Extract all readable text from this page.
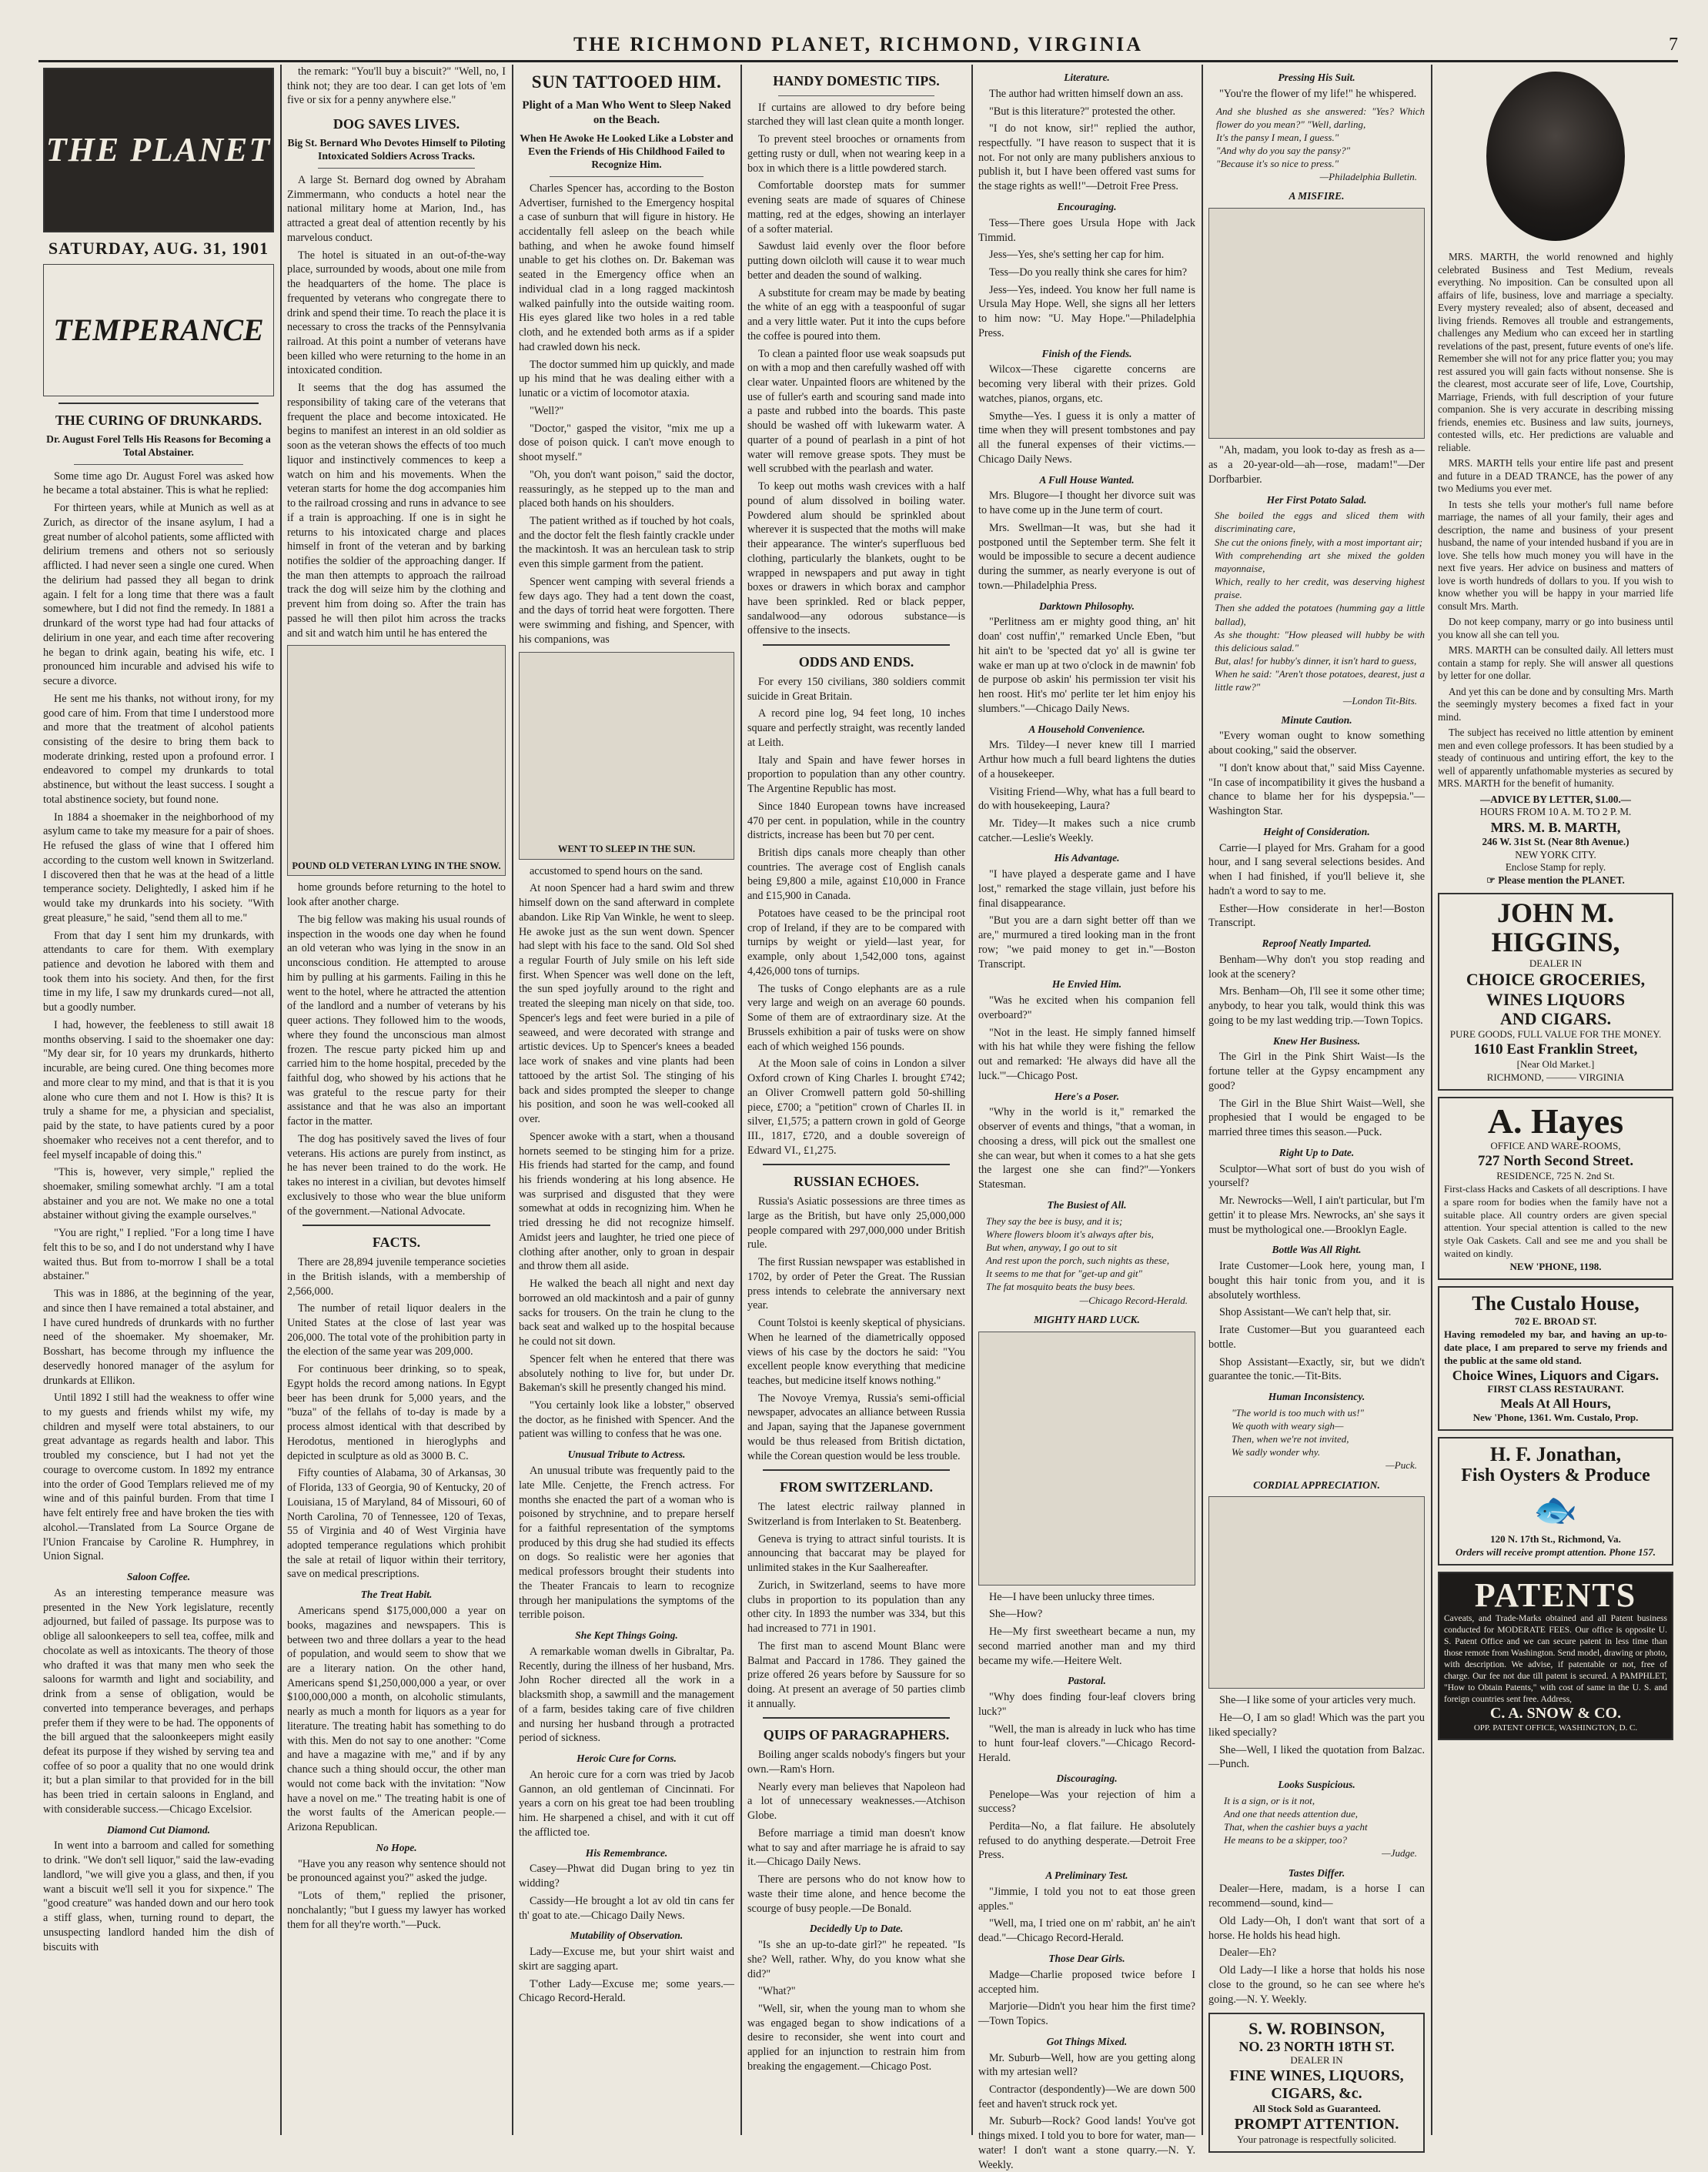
THE RICHMOND PLANET, RICHMOND, VIRGINIA	7
THE PLANET
SATURDAY, AUG. 31, 1901
TEMPERANCE
THE CURING OF DRUNKARDS.
Dr. August Forel Tells His Reasons for Becoming a Total Abstainer.

Some time ago Dr. August Forel was asked how he became a total abstainer. This is what he replied:

For thirteen years, while at Munich as well as at Zurich, as director of the insane asylum, I had a great number of alcohol patients, some afflicted with delirium tremens and others not so seriously afflicted. I had never seen a single one cured. When the delirium had passed they all began to drink again. I felt for a long time that there was a fault somewhere, but I did not find the remedy. In 1881 a drunkard of the worst type had had four attacks of delirium in one year, and each time after recovering he began to drink again, beating his wife, etc. I pronounced him incurable and advised his wife to secure a divorce.

He sent me his thanks, not without irony, for my good care of him. From that time I understood more and more that the treatment of alcohol patients consisting of the desire to bring them back to moderate drinking, rested upon a profound error. I endeavored to compel my drunkards to total abstinence, but without the least success. I sought a total abstinence society, but found none.

In 1884 a shoemaker in the neighborhood of my asylum came to take my measure for a pair of shoes. He refused the glass of wine that I offered him according to the custom well known in Switzerland. I discovered then that he was at the head of a little temperance society. Delightedly, I asked him if he would take my drunkards into his society. "With great pleasure," he said, "send them all to me."

From that day I sent him my drunkards, with attendants to care for them. With exemplary patience and devotion he labored with them and took them into his society. And then, for the first time in my life, I saw my drunkards cured—not all, but a goodly number.

I had, however, the feebleness to still await 18 months observing. I said to the shoemaker one day: "My dear sir, for 10 years my drunkards, hitherto incurable, are being cured. One thing becomes more and more clear to my mind, and that is that it is you alone who cure them and not I. How is this? It is truly a shame for me, a physician and specialist, paid by the state, to have patients cured by a poor shoemaker who receives not a cent therefor, and to feel myself incapable of doing this."

"This is, however, very simple," replied the shoemaker, smiling somewhat archly. "I am a total abstainer and you are not. We make no one a total abstainer without giving the example ourselves."

"You are right," I replied. "For a long time I have felt this to be so, and I do not understand why I have waited thus. But from to-morrow I shall be a total abstainer."

This was in 1886, at the beginning of the year, and since then I have remained a total abstainer, and I have cured hundreds of drunkards with no further need of the shoemaker. My shoemaker, Mr. Bosshart, has become through my influence the deservedly honored manager of the asylum for drunkards at Ellikon.

Until 1892 I still had the weakness to offer wine to my guests and friends whilst my wife, my children and myself were total abstainers, to our great advantage as regards health and labor. This troubled my conscience, but I had not yet the courage to overcome custom. In 1892 my entrance into the order of Good Templars relieved me of my wine and of this painful burden. From that time I have felt entirely free and have broken the ties with alcohol.—Translated from La Source Organe de l'Union Francaise by Caroline R. Humphrey, in Union Signal.

Saloon Coffee.

As an interesting temperance measure was presented in the New York legislature, recently adjourned, but failed of passage. Its purpose was to oblige all saloonkeepers to sell tea, coffee, milk and chocolate as well as intoxicants. The theory of those who drafted it was that many men who seek the saloons for warmth and light and sociability, and drink from a sense of obligation, would be converted into temperance beverages, and perhaps prefer them if they were to be had. The opponents of the bill argued that the saloonkeepers might easily defeat its purpose if they wished by serving tea and coffee of so poor a quality that no one would drink it; but a plan similar to that provided for in the bill has been tried in certain saloons in England, and with considerable success.—Chicago Excelsior.

Diamond Cut Diamond.

In went into a barroom and called for something to drink. "We don't sell liquor," said the law-evading landlord, "we will give you a glass, and then, if you want a biscuit we'll sell it you for sixpence." The "good creature" was handed down and our hero took a stiff glass, when, turning round to depart, the unsuspecting landlord handed him the dish of biscuits with

the remark: "You'll buy a biscuit?" "Well, no, I think not; they are too dear. I can get lots of 'em five or six for a penny anywhere else."

DOG SAVES LIVES.
Big St. Bernard Who Devotes Himself to Piloting Intoxicated Soldiers Across Tracks.

A large St. Bernard dog owned by Abraham Zimmermann, who conducts a hotel near the national military home at Marion, Ind., has attracted a great deal of attention recently by his marvelous conduct.

The hotel is situated in an out-of-the-way place, surrounded by woods, about one mile from the headquarters of the home. The place is frequented by veterans who congregate there to drink and spend their time. To reach the place it is necessary to cross the tracks of the Pennsylvania railroad. At this point a number of veterans have been killed who were returning to the home in an intoxicated condition.

It seems that the dog has assumed the responsibility of taking care of the veterans that frequent the place and become intoxicated. He begins to manifest an interest in an old soldier as soon as the veteran shows the effects of too much liquor and instinctively commences to keep a watch on him and his movements. When the veteran starts for home the dog accompanies him to the railroad crossing and runs in advance to see if a train is approaching. If one is in sight he returns to his intoxicated charge and places himself in front of the veteran and by barking notifies the soldier of the approaching danger. If the man then attempts to approach the railroad track the dog will seize him by the clothing and prevent him from doing so. After the train has passed he will then pilot him across the tracks and sit and watch him until he has entered the

POUND OLD VETERAN LYING IN THE SNOW.

home grounds before returning to the hotel to look after another charge.

The big fellow was making his usual rounds of inspection in the woods one day when he found an old veteran who was lying in the snow in an unconscious condition. He attempted to arouse him by pulling at his garments. Failing in this he went to the hotel, where he attracted the attention of the landlord and a number of veterans by his queer actions. They followed him to the woods, where they found the unconscious man almost frozen. The rescue party picked him up and carried him to the home hospital, preceded by the faithful dog, who showed by his actions that he was grateful to the rescue party for their assistance and that he was also an important factor in the matter.

The dog has positively saved the lives of four veterans. His actions are purely from instinct, as he has never been trained to do the work. He takes no interest in a civilian, but devotes himself exclusively to those who wear the blue uniform of the government.—National Advocate.

FACTS.

There are 28,894 juvenile temperance societies in the British islands, with a membership of 2,566,000.

The number of retail liquor dealers in the United States at the close of last year was 206,000. The total vote of the prohibition party in the election of the same year was 209,000.

For continuous beer drinking, so to speak, Egypt holds the record among nations. In Egypt beer has been drunk for 5,000 years, and the "buza" of the fellahs of to-day is made by a process almost identical with that described by Herodotus, mentioned in hieroglyphs and depicted in sculpture as old as 3000 B. C.

Fifty counties of Alabama, 30 of Arkansas, 30 of Florida, 133 of Georgia, 90 of Kentucky, 20 of Louisiana, 15 of Maryland, 84 of Missouri, 60 of North Carolina, 70 of Tennessee, 120 of Texas, 55 of Virginia and 40 of West Virginia have adopted temperance regulations which prohibit the sale at retail of liquor within their territory, save on medical prescriptions.

The Treat Habit.

Americans spend $175,000,000 a year on books, magazines and newspapers. This is between two and three dollars a year to the head of population, and would seem to show that we are a literary nation. On the other hand, Americans spend $1,250,000,000 a year, or over $100,000,000 a month, on alcoholic stimulants, nearly as much a month for liquors as a year for literature. The treating habit has something to do with this. Men do not say to one another: "Come and have a magazine with me," and if by any chance such a thing should occur, the other man would not come back with the invitation: "Now have a novel on me." The treating habit is one of the worst faults of the American people.—Arizona Republican.

No Hope.

"Have you any reason why sentence should not be pronounced against you?" asked the judge.

"Lots of them," replied the prisoner, nonchalantly; "but I guess my lawyer has worked them for all they're worth."—Puck.

SUN TATTOOED HIM.
Plight of a Man Who Went to Sleep Naked on the Beach.
When He Awoke He Looked Like a Lobster and Even the Friends of His Childhood Failed to Recognize Him.

Charles Spencer has, according to the Boston Advertiser, furnished to the Emergency hospital a case of sunburn that will figure in history. He accidentally fell asleep on the beach while bathing, and when he awoke found himself unable to get his clothes on. Dr. Bakeman was seated in the Emergency office when an individual clad in a long ragged mackintosh walked painfully into the outside waiting room. His eyes glared like two holes in a red table cloth, and he extended both arms as if a spider had crawled down his neck.

The doctor summed him up quickly, and made up his mind that he was dealing either with a lunatic or a victim of locomotor ataxia.

"Well?"

"Doctor," gasped the visitor, "mix me up a dose of poison quick. I can't move enough to shoot myself."

"Oh, you don't want poison," said the doctor, reassuringly, as he stepped up to the man and placed both hands on his shoulders.

The patient writhed as if touched by hot coals, and the doctor felt the flesh faintly crackle under the mackintosh. It was an herculean task to strip even this simple garment from the patient.

Spencer went camping with several friends a few days ago. They had a tent down the coast, and the days of torrid heat were forgotten. There were swimming and fishing, and Spencer, with his companions, was

WENT TO SLEEP IN THE SUN.

accustomed to spend hours on the sand.

At noon Spencer had a hard swim and threw himself down on the sand afterward in complete abandon. Like Rip Van Winkle, he went to sleep. He awoke just as the sun went down. Spencer had slept with his face to the sand. Old Sol shed a regular Fourth of July smile on his left side first. When Spencer was well done on the left, the sun sped joyfully around to the right and treated the sleeping man nicely on that side, too. Spencer's legs and feet were buried in a pile of seaweed, and were decorated with strange and artistic devices. Up to Spencer's knees a beaded lace work of snakes and vine plants had been tattooed by the artist Sol. The stinging of his back and sides prompted the sleeper to change his position, and soon he was well-cooked all over.

Spencer awoke with a start, when a thousand hornets seemed to be stinging him for a prize. His friends had started for the camp, and found his friends wondering at his long absence. He was surprised and disgusted that they were somewhat at odds in recognizing him. When he tried dressing he did not recognize himself. Amidst jeers and laughter, he tried one piece of clothing after another, only to groan in despair and throw them all aside.

He walked the beach all night and next day borrowed an old mackintosh and a pair of gunny sacks for trousers. On the train he clung to the back seat and walked up to the hospital because he could not sit down.

Spencer felt when he entered that there was absolutely nothing to live for, but under Dr. Bakeman's skill he presently changed his mind.

"You certainly look like a lobster," observed the doctor, as he finished with Spencer. And the patient was willing to confess that he was one.

Unusual Tribute to Actress.

An unusual tribute was frequently paid to the late Mlle. Cenjette, the French actress. For months she enacted the part of a woman who is poisoned by strychnine, and to prepare herself for a faithful representation of the symptoms produced by this drug she had studied its effects on dogs. So realistic were her agonies that medical professors brought their students into the Theater Francais to learn to recognize through her manipulations the symptoms of the terrible poison.

She Kept Things Going.

A remarkable woman dwells in Gibraltar, Pa. Recently, during the illness of her husband, Mrs. John Rocher directed all the work in a blacksmith shop, a sawmill and the management of a farm, besides taking care of five children and nursing her husband through a protracted period of sickness.

Heroic Cure for Corns.

An heroic cure for a corn was tried by Jacob Gannon, an old gentleman of Cincinnati. For years a corn on his great toe had been troubling him. He sharpened a chisel, and with it cut off the afflicted toe.

His Remembrance.

Casey—Phwat did Dugan bring to yez tin widding?

Cassidy—He brought a lot av old tin cans fer th' goat to ate.—Chicago Daily News.

Mutability of Observation.

Lady—Excuse me, but your shirt waist and skirt are sagging apart.

T'other Lady—Excuse me; some years.—Chicago Record-Herald.

HANDY DOMESTIC TIPS.

If curtains are allowed to dry before being starched they will last clean quite a month longer.

To prevent steel brooches or ornaments from getting rusty or dull, when not wearing keep in a box in which there is a little powdered starch.

Comfortable doorstep mats for summer evening seats are made of squares of Chinese matting, red at the edges, showing an interlayer of a softer material.

Sawdust laid evenly over the floor before putting down oilcloth will cause it to wear much better and deaden the sound of walking.

A substitute for cream may be made by beating the white of an egg with a teaspoonful of sugar and a very little water. Put it into the cups before the coffee is poured into them.

To clean a painted floor use weak soapsuds put on with a mop and then carefully washed off with clear water. Unpainted floors are whitened by the use of fuller's earth and scouring sand made into a paste and rubbed into the boards. This paste should be washed off with lukewarm water. A quarter of a pound of pearlash in a pint of hot water will remove grease spots. They must be well scrubbed with the pearlash and water.

To keep out moths wash crevices with a half pound of alum dissolved in boiling water. Powdered alum should be sprinkled about wherever it is suspected that the moths will make their appearance. The winter's superfluous bed clothing, particularly the blankets, ought to be wrapped in newspapers and put away in tight boxes or drawers in which borax and camphor have been sprinkled. Red or black pepper, sandalwood—any odorous substance—is offensive to the insects.

ODDS AND ENDS.

For every 150 civilians, 380 soldiers commit suicide in Great Britain.

A record pine log, 94 feet long, 10 inches square and perfectly straight, was recently landed at Leith.

Italy and Spain and have fewer horses in proportion to population than any other country. The Argentine Republic has most.

Since 1840 European towns have increased 470 per cent. in population, while in the country districts, increase has been but 70 per cent.

British dips canals more cheaply than other countries. The average cost of English canals being £9,800 a mile, against £10,000 in France and £15,900 in Canada.

Potatoes have ceased to be the principal root crop of Ireland, if they are to be compared with turnips by weight or yield—last year, for example, only about 1,542,000 tons, against 4,426,000 tons of turnips.

The tusks of Congo elephants are as a rule very large and weigh on an average 60 pounds. Some of them are of extraordinary size. At the Brussels exhibition a pair of tusks were on show each of which weighed 156 pounds.

At the Moon sale of coins in London a silver Oxford crown of King Charles I. brought £742; an Oliver Cromwell pattern gold 50-shilling piece, £700; a "petition" crown of Charles II. in silver, £1,575; a pattern crown in gold of George III., 1817, £720, and a double sovereign of Edward VI., £1,275.

RUSSIAN ECHOES.

Russia's Asiatic possessions are three times as large as the British, but have only 25,000,000 people compared with 297,000,000 under British rule.

The first Russian newspaper was established in 1702, by order of Peter the Great. The Russian press intends to celebrate the anniversary next year.

Count Tolstoi is keenly skeptical of physicians. When he learned of the diametrically opposed views of his case by the doctors he said: "You excellent people know everything that medicine teaches, but medicine itself knows nothing."

The Novoye Vremya, Russia's semi-official newspaper, advocates an alliance between Russia and Japan, saying that the Japanese government would be thus released from British dictation, while the Corean question would be less trouble.

FROM SWITZERLAND.

The latest electric railway planned in Switzerland is from Interlaken to St. Beatenberg.

Geneva is trying to attract sinful tourists. It is announcing that baccarat may be played for unlimited stakes in the Kur Saalhereafter.

Zurich, in Switzerland, seems to have more clubs in proportion to its population than any other city. In 1893 the number was 334, but this had increased to 771 in 1901.

The first man to ascend Mount Blanc were Balmat and Paccard in 1786. They gained the prize offered 26 years before by Saussure for so doing. At present an average of 50 parties climb it annually.

QUIPS OF PARAGRAPHERS.

Boiling anger scalds nobody's fingers but your own.—Ram's Horn.

Nearly every man believes that Napoleon had a lot of unnecessary weaknesses.—Atchison Globe.

Before marriage a timid man doesn't know what to say and after marriage he is afraid to say it.—Chicago Daily News.

There are persons who do not know how to waste their time alone, and hence become the scourge of busy people.—De Bonald.

Decidedly Up to Date.

"Is she an up-to-date girl?" he repeated. "Is she? Well, rather. Why, do you know what she did?"

"What?"

"Well, sir, when the young man to whom she was engaged began to show indications of a desire to reconsider, she went into court and applied for an injunction to restrain him from breaking the engagement.—Chicago Post.

Literature.

The author had written himself down an ass.

"But is this literature?" protested the other.

"I do not know, sir!" replied the author, respectfully. "I have reason to suspect that it is not. For not only are many publishers anxious to publish it, but I have been offered vast sums for the stage rights as well!"—Detroit Free Press.

Encouraging.

Tess—There goes Ursula Hope with Jack Timmid.

Jess—Yes, she's setting her cap for him.

Tess—Do you really think she cares for him?

Jess—Yes, indeed. You know her full name is Ursula May Hope. Well, she signs all her letters to him now: "U. May Hope."—Philadelphia Press.

Finish of the Fiends.

Wilcox—These cigarette concerns are becoming very liberal with their prizes. Gold watches, pianos, organs, etc.

Smythe—Yes. I guess it is only a matter of time when they will present tombstones and pay all the funeral expenses of their victims.—Chicago Daily News.

A Full House Wanted.

Mrs. Blugore—I thought her divorce suit was to have come up in the June term of court.

Mrs. Swellman—It was, but she had it postponed until the September term. She felt it would be impossible to secure a decent audience during the summer, as nearly everyone is out of town.—Philadelphia Press.

Darktown Philosophy.

"Perlitness am er mighty good thing, an' hit doan' cost nuffin'," remarked Uncle Eben, "but hit ain't to be 'spected dat yo' all is gwine ter wake er man up at two o'clock in de mawnin' fob de purpose ob askin' his permission ter visit his hen roost. Hit's mo' perlite ter let him enjoy his slumbers."—Chicago Daily News.

A Household Convenience.

Mrs. Tildey—I never knew till I married Arthur how much a full beard lightens the duties of a housekeeper.

Visiting Friend—Why, what has a full beard to do with housekeeping, Laura?

Mr. Tidey—It makes such a nice crumb catcher.—Leslie's Weekly.

His Advantage.

"I have played a desperate game and I have lost," remarked the stage villain, just before his final disappearance.

"But you are a darn sight better off than we are," murmured a tired looking man in the front row; "we paid money to get in."—Boston Transcript.

He Envied Him.

"Was he excited when his companion fell overboard?"

"Not in the least. He simply fanned himself with his hat while they were fishing the fellow out and remarked: 'He always did have all the luck.'"—Chicago Post.

Here's a Poser.

"Why in the world is it," remarked the observer of events and things, "that a woman, in choosing a dress, will pick out the smallest one she can wear, but when it comes to a hat she gets the largest one she can find?"—Yonkers Statesman.

The Busiest of All.
They say the bee is busy, and it is;
Where flowers bloom it's always after bis,
But when, anyway, I go out to sit
And rest upon the porch, such nights as these,
It seems to me that for "get-up and git"
The fat mosquito beats the busy bees.
—Chicago Record-Herald.
MIGHTY HARD LUCK.

He—I have been unlucky three times.

She—How?

He—My first sweetheart became a nun, my second married another man and my third became my wife.—Heitere Welt.

Pastoral.

"Why does finding four-leaf clovers bring luck?"

"Well, the man is already in luck who has time to hunt four-leaf clovers."—Chicago Record-Herald.

Discouraging.

Penelope—Was your rejection of him a success?

Perdita—No, a flat failure. He absolutely refused to do anything desperate.—Detroit Free Press.

A Preliminary Test.

"Jimmie, I told you not to eat those green apples."

"Well, ma, I tried one on m' rabbit, an' he ain't dead."—Chicago Record-Herald.

Those Dear Girls.

Madge—Charlie proposed twice before I accepted him.

Marjorie—Didn't you hear him the first time?—Town Topics.

Got Things Mixed.

Mr. Suburb—Well, how are you getting along with my artesian well?

Contractor (despondently)—We are down 500 feet and haven't struck rock yet.

Mr. Suburb—Rock? Good lands! You've got things mixed. I told you to bore for water, man—water! I don't want a stone quarry.—N. Y. Weekly.

Pressing His Suit.

"You're the flower of my life!" he whispered.

And she blushed as she answered: "Yes? Which flower do you mean?" "Well, darling,
It's the pansy I mean, I guess."
"And why do you say the pansy?"
"Because it's so nice to press."
—Philadelphia Bulletin.
A MISFIRE.

"Ah, madam, you look to-day as fresh as a—as a 20-year-old—ah—rose, madam!"—Der Dorfbarbier.

Her First Potato Salad.
She boiled the eggs and sliced them with discriminating care,
She cut the onions finely, with a most important air;
With comprehending art she mixed the golden mayonnaise,
Which, really to her credit, was deserving highest praise.
Then she added the potatoes (humming gay a little ballad),
As she thought: "How pleased will hubby be with this delicious salad."
But, alas! for hubby's dinner, it isn't hard to guess,
When he said: "Aren't those potatoes, dearest, just a little raw?"
—London Tit-Bits.
Minute Caution.

"Every woman ought to know something about cooking," said the observer.

"I don't know about that," said Miss Cayenne. "In case of incompatibility it gives the husband a chance to blame her for his dyspepsia."—Washington Star.

Height of Consideration.

Carrie—I played for Mrs. Graham for a good hour, and I sang several selections besides. And when I had finished, if you'll believe it, she hadn't a word to say to me.

Esther—How considerate in her!—Boston Transcript.

Reproof Neatly Imparted.

Benham—Why don't you stop reading and look at the scenery?

Mrs. Benham—Oh, I'll see it some other time; anybody, to hear you talk, would think this was going to be my last wedding trip.—Town Topics.

Knew Her Business.

The Girl in the Pink Shirt Waist—Is the fortune teller at the Gypsy encampment any good?

The Girl in the Blue Shirt Waist—Well, she prophesied that I would be engaged to be married three times this season.—Puck.

Right Up to Date.

Sculptor—What sort of bust do you wish of yourself?

Mr. Newrocks—Well, I ain't particular, but I'm gettin' it to please Mrs. Newrocks, an' she says it must be mythological one.—Brooklyn Eagle.

Bottle Was All Right.

Irate Customer—Look here, young man, I bought this hair tonic from you, and it is absolutely worthless.

Shop Assistant—We can't help that, sir.

Irate Customer—But you guaranteed each bottle.

Shop Assistant—Exactly, sir, but we didn't guarantee the tonic.—Tit-Bits.

Human Inconsistency.
"The world is too much with us!"
We quoth with weary sigh—
Then, when we're not invited,
We sadly wonder why.
—Puck.
CORDIAL APPRECIATION.

She—I like some of your articles very much.

He—O, I am so glad! Which was the part you liked specially?

She—Well, I liked the quotation from Balzac.—Punch.

Looks Suspicious.
It is a sign, or is it not,
And one that needs attention due,
That, when the cashier buys a yacht
He means to be a skipper, too?
—Judge.
Tastes Differ.

Dealer—Here, madam, is a horse I can recommend—sound, kind—

Old Lady—Oh, I don't want that sort of a horse. He holds his head high.

Dealer—Eh?

Old Lady—I like a horse that holds his nose close to the ground, so he can see where he's going.—N. Y. Weekly.

S. W. ROBINSON,
NO. 23 NORTH 18TH ST.
DEALER IN
FINE WINES, LIQUORS, CIGARS, &c.
All Stock Sold as Guaranteed.
PROMPT ATTENTION.
Your patronage is respectfully solicited.

MRS. MARTH, the world renowned and highly celebrated Business and Test Medium, reveals everything. No imposition. Can be consulted upon all affairs of life, business, love and marriage a specialty. Every mystery revealed; also of absent, deceased and living friends. Removes all trouble and estrangements, challenges any Medium who can exceed her in startling revelations of the past, present, future events of one's life. Remember she will not for any price flatter you; you may rest assured you will gain facts without nonsense. She is the clearest, most accurate seer of life, Love, Courtship, Marriage, Friends, with full description of your future companion. She is very accurate in describing missing friends, enemies etc. Business and law suits, journeys, contested wills, etc. Her predictions are valuable and reliable.

MRS. MARTH tells your entire life past and present and future in a DEAD TRANCE, has the power of any two Mediums you ever met.

In tests she tells your mother's full name before marriage, the names of all your family, their ages and description, the name and business of your present husband, the name of your intended husband if you are in love. She tells how much money you will have in the next five years. Her advice on business and matters of love is worth hundreds of dollars to you. If you wish to know whether you will be happy in your married life consult Mrs. Marth.

Do not keep company, marry or go into business until you know all she can tell you.

MRS. MARTH can be consulted daily. All letters must contain a stamp for reply. She will answer all questions by letter for one dollar.

And yet this can be done and by consulting Mrs. Marth the seemingly mystery becomes a fixed fact in your mind.

The subject has received no little attention by eminent men and even college professors. It has been studied by a steady of continuous and untiring effort, the key to the well of apparently unfathomable mysteries as secured by MRS. MARTH for the benefit of humanity.

—ADVICE BY LETTER, $1.00.—
HOURS FROM 10 A. M. TO 2 P. M.
MRS. M. B. MARTH,
246 W. 31st St. (Near 8th Avenue.)
NEW YORK CITY.
Enclose Stamp for reply.
☞ Please mention the PLANET.
JOHN M. HIGGINS,
DEALER IN
CHOICE GROCERIES,
WINES LIQUORS
AND CIGARS.
PURE GOODS, FULL VALUE FOR THE MONEY.
1610 East Franklin Street,
[Near Old Market.]
RICHMOND, ——— VIRGINIA
A. Hayes
OFFICE AND WARE-ROOMS,
727 North Second Street.
RESIDENCE, 725 N. 2nd St.
First-class Hacks and Caskets of all descriptions. I have a spare room for bodies when the family have not a suitable place. All country orders are given special attention. Your special attention is called to the new style Oak Caskets. Call and see me and you shall be waited on kindly.
NEW 'PHONE, 1198.
The Custalo House,
702 E. BROAD ST.
Having remodeled my bar, and having an up-to-date place, I am prepared to serve my friends and the public at the same old stand.
Choice Wines, Liquors and Cigars.
FIRST CLASS RESTAURANT.
Meals At All Hours,
New 'Phone, 1361. Wm. Custalo, Prop.
H. F. Jonathan,
Fish Oysters & Produce
🐟
120 N. 17th St., Richmond, Va.
Orders will receive prompt attention. Phone 157.
PATENTS
Caveats, and Trade-Marks obtained and all Patent business conducted for MODERATE FEES. Our office is opposite U. S. Patent Office and we can secure patent in less time than those remote from Washington. Send model, drawing or photo, with description. We advise, if patentable or not, free of charge. Our fee not due till patent is secured. A PAMPHLET, "How to Obtain Patents," with cost of same in the U. S. and foreign countries sent free. Address,
C. A. SNOW & CO.
OPP. PATENT OFFICE, WASHINGTON, D. C.
